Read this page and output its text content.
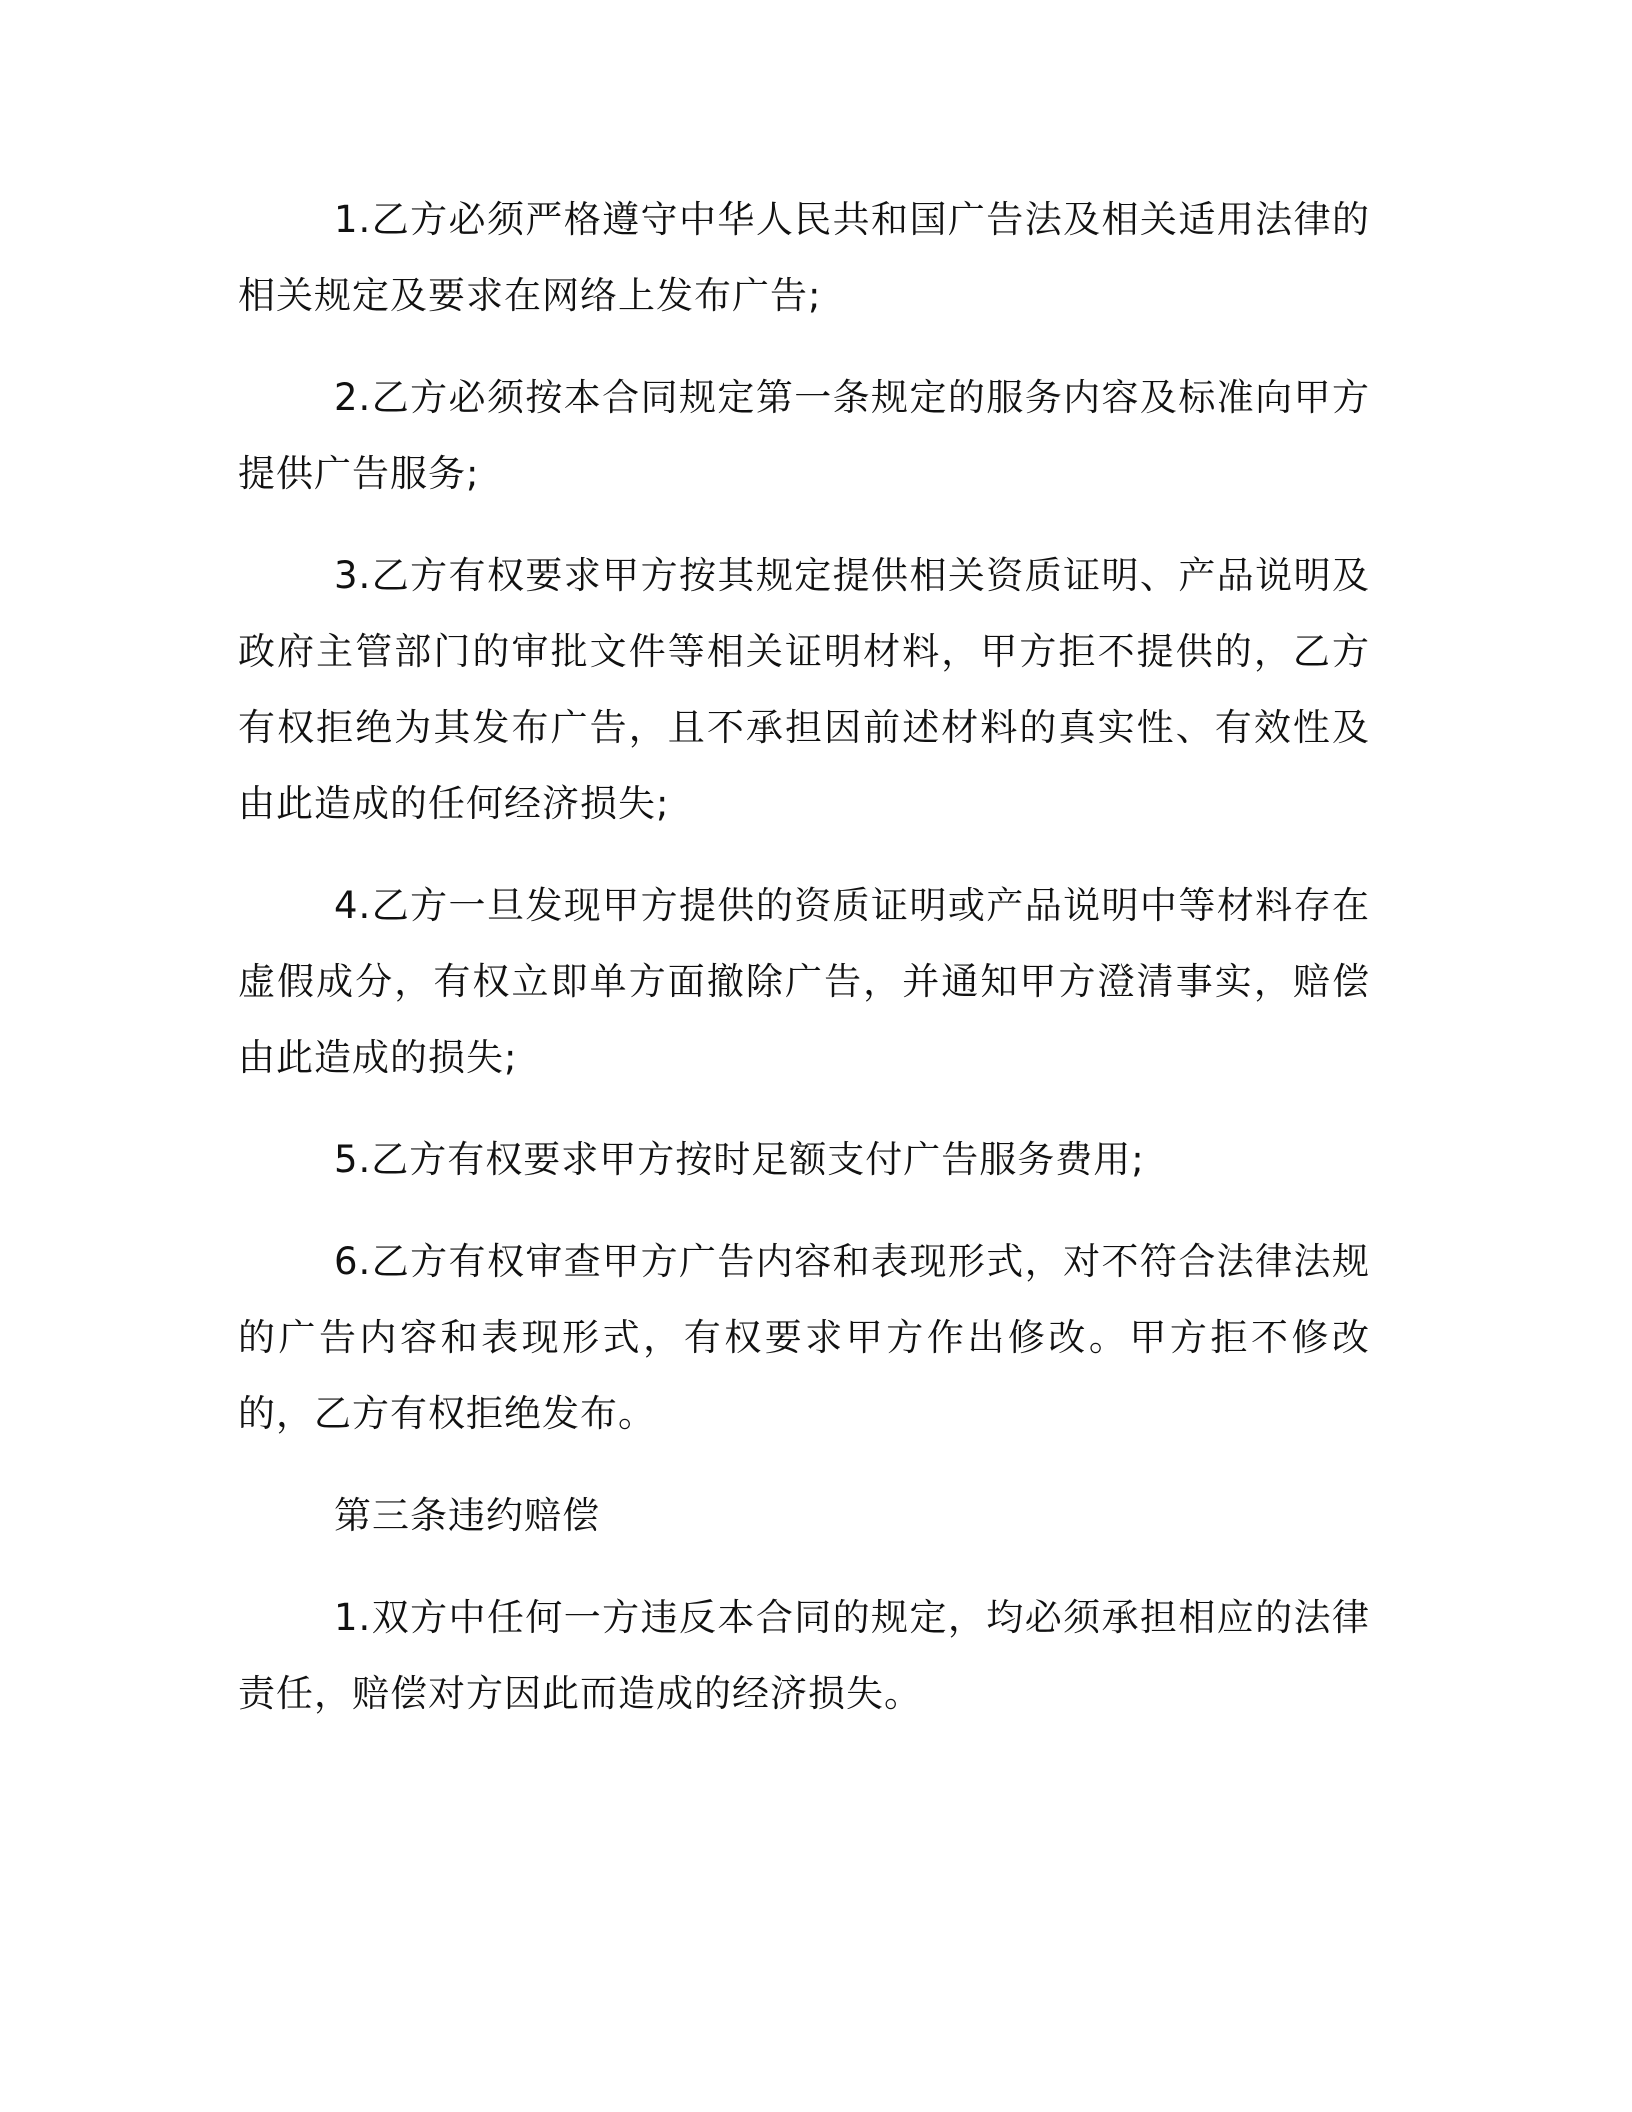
1.乙方必须严格遵守中华人民共和国广告法及相关适用法律的相关规定及要求在网络上发布广告;

2.乙方必须按本合同规定第一条规定的服务内容及标准向甲方提供广告服务;

3.乙方有权要求甲方按其规定提供相关资质证明、产品说明及政府主管部门的审批文件等相关证明材料，甲方拒不提供的，乙方有权拒绝为其发布广告，且不承担因前述材料的真实性、有效性及由此造成的任何经济损失;

4.乙方一旦发现甲方提供的资质证明或产品说明中等材料存在虚假成分，有权立即单方面撤除广告，并通知甲方澄清事实，赔偿由此造成的损失;

5.乙方有权要求甲方按时足额支付广告服务费用;

6.乙方有权审查甲方广告内容和表现形式，对不符合法律法规的广告内容和表现形式，有权要求甲方作出修改。甲方拒不修改的，乙方有权拒绝发布。

第三条违约赔偿

1.双方中任何一方违反本合同的规定，均必须承担相应的法律责任，赔偿对方因此而造成的经济损失。
